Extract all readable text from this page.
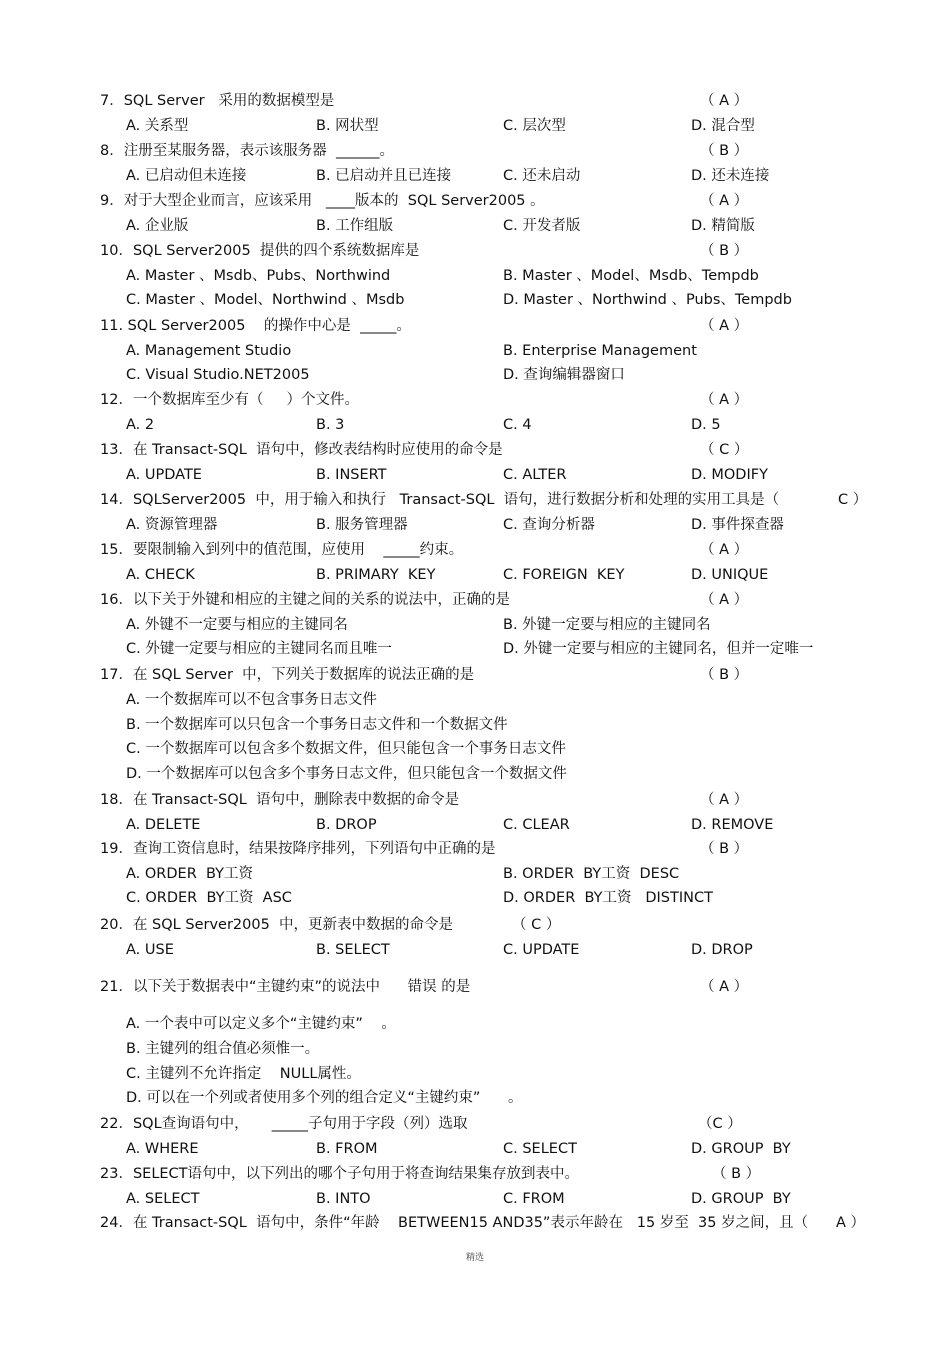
7．SQL Server   采用的数据模型是	（ A ）
A. 关系型	B. 网状型	C. 层次型	D. 混合型
8．注册至某服务器，表示该服务器  ______。	（ B ）
A. 已启动但未连接	B. 已启动并且已连接	C. 还未启动	D. 还未连接
9．对于大型企业而言，应该采用   ____版本的  SQL Server2005 。	（ A ）
A. 企业版	B. 工作组版	C. 开发者版	D. 精简版
10．SQL Server2005  提供的四个系统数据库是	（ B ）
A. Master 、Msdb、Pubs、Northwind	B. Master 、Model、Msdb、Tempdb
C. Master 、Model、Northwind 、Msdb	D. Master 、Northwind 、Pubs、Tempdb
11. SQL Server2005    的操作中心是  _____。	（ A ）
A. Management Studio	B. Enterprise Management
C. Visual Studio.NET2005	D. 查询编辑器窗口
12．一个数据库至少有（     ）个文件。	（ A ）
A. 2	B. 3	C. 4	D. 5
13．在 Transact-SQL  语句中，修改表结构时应使用的命令是	（ C ）
A. UPDATE	B. INSERT	C. ALTER	D. MODIFY
14．SQLServer2005  中，用于输入和执行   Transact-SQL  语句，进行数据分析和处理的实用工具是（	C ）
A. 资源管理器	B. 服务管理器	C. 查询分析器	D. 事件探查器
15．要限制输入到列中的值范围，应使用    _____约束。	（ A ）
A. CHECK	B. PRIMARY  KEY	C. FOREIGN  KEY	D. UNIQUE
16．以下关于外键和相应的主键之间的关系的说法中，正确的是	（ A ）
A. 外键不一定要与相应的主键同名	B. 外键一定要与相应的主键同名
C. 外键一定要与相应的主键同名而且唯一	D. 外键一定要与相应的主键同名，但并一定唯一
17．在 SQL Server  中，下列关于数据库的说法正确的是	（ B ）
A. 一个数据库可以不包含事务日志文件
B. 一个数据库可以只包含一个事务日志文件和一个数据文件
C. 一个数据库可以包含多个数据文件，但只能包含一个事务日志文件
D. 一个数据库可以包含多个事务日志文件，但只能包含一个数据文件
18．在 Transact-SQL  语句中，删除表中数据的命令是	（ A ）
A. DELETE	B. DROP	C. CLEAR	D. REMOVE
19．查询工资信息时，结果按降序排列，下列语句中正确的是	（ B ）
A. ORDER  BY工资	B. ORDER  BY工资  DESC
C. ORDER  BY工资  ASC	D. ORDER  BY工资   DISTINCT
20．在 SQL Server2005  中，更新表中数据的命令是	（ C ）
A. USE	B. SELECT	C. UPDATE	D. DROP
21．以下关于数据表中“主键约束”的说法中      错误 的是	（ A ）
A. 一个表中可以定义多个“主键约束”    。
B. 主键列的组合值必须惟一。
C. 主键列不允许指定    NULL属性。
D. 可以在一个列或者使用多个列的组合定义“主键约束”      。
22．SQL查询语句中，     _____子句用于字段（列）选取	（C ）
A. WHERE	B. FROM	C. SELECT	D. GROUP  BY
23．SELECT语句中，以下列出的哪个子句用于将查询结果集存放到表中。	（ B ）
A. SELECT	B. INTO	C. FROM	D. GROUP  BY
24．在 Transact-SQL  语句中，条件“年龄    BETWEEN15 AND35”表示年龄在   15 岁至  35 岁之间，且（ A ）
精选
